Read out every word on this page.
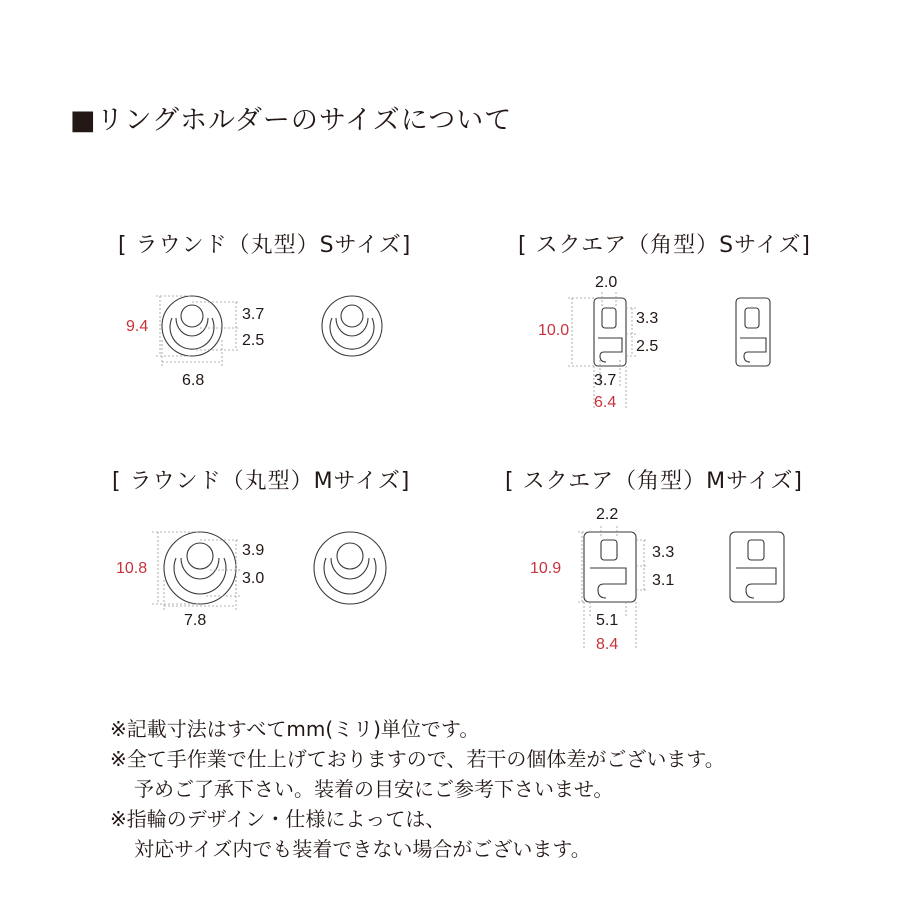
■リングホルダーのサイズについて
[ ラウンド（丸型）Sサイズ]	[ スクエア（角型）Sサイズ]
[ ラウンド（丸型）Mサイズ]	[ スクエア（角型）Mサイズ]
9.4
3.7
2.5
6.8
2.0
10.0
3.3
2.5
3.7
6.4
10.8
3.9
3.0
7.8
2.2
10.9
3.3
3.1
5.1
8.4
※記載寸法はすべてmm(ミリ)単位です。
※全て手作業で仕上げておりますので、若干の個体差がございます。
予めご了承下さい。装着の目安にご参考下さいませ。
※指輪のデザイン・仕様によっては、
対応サイズ内でも装着できない場合がございます。
